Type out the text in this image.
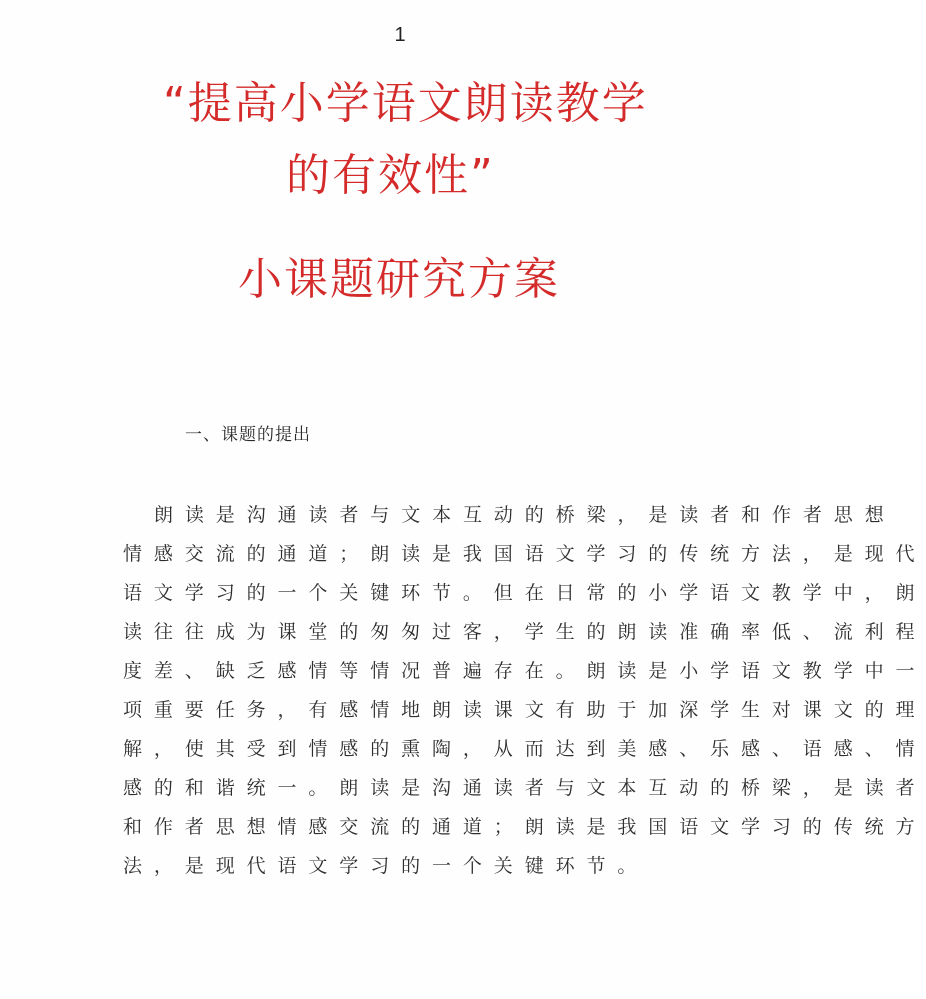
1
“提高小学语文朗读教学
的有效性”
小课题研究方案
一、课题的提出
朗读是沟通读者与文本互动的桥梁，是读者和作者思想
情感交流的通道；朗读是我国语文学习的传统方法，是现代
语文学习的一个关键环节。但在日常的小学语文教学中，朗
读往往成为课堂的匆匆过客，学生的朗读准确率低、流利程
度差、缺乏感情等情况普遍存在。朗读是小学语文教学中一
项重要任务，有感情地朗读课文有助于加深学生对课文的理
解，使其受到情感的熏陶，从而达到美感、乐感、语感、情
感的和谐统一。朗读是沟通读者与文本互动的桥梁，是读者
和作者思想情感交流的通道；朗读是我国语文学习的传统方
法，是现代语文学习的一个关键环节。
